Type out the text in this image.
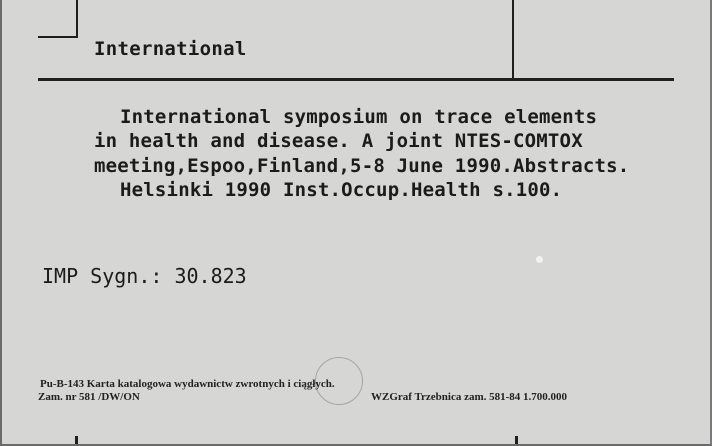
International
International symposium on trace elements
in health and disease. A joint NTES-COMTOX
meeting,Espoo,Finland,5-8 June 1990.Abstracts.
Helsinki 1990 Inst.Occup.Health s.100.
IMP Sygn.: 30.823
Pu-B-143 Karta katalogowa wydawnictw zwrotnych i ciągłych.
Zam. nr 581 /DW/ON	WZGraf Trzebnica zam. 581-84 1.700.000
